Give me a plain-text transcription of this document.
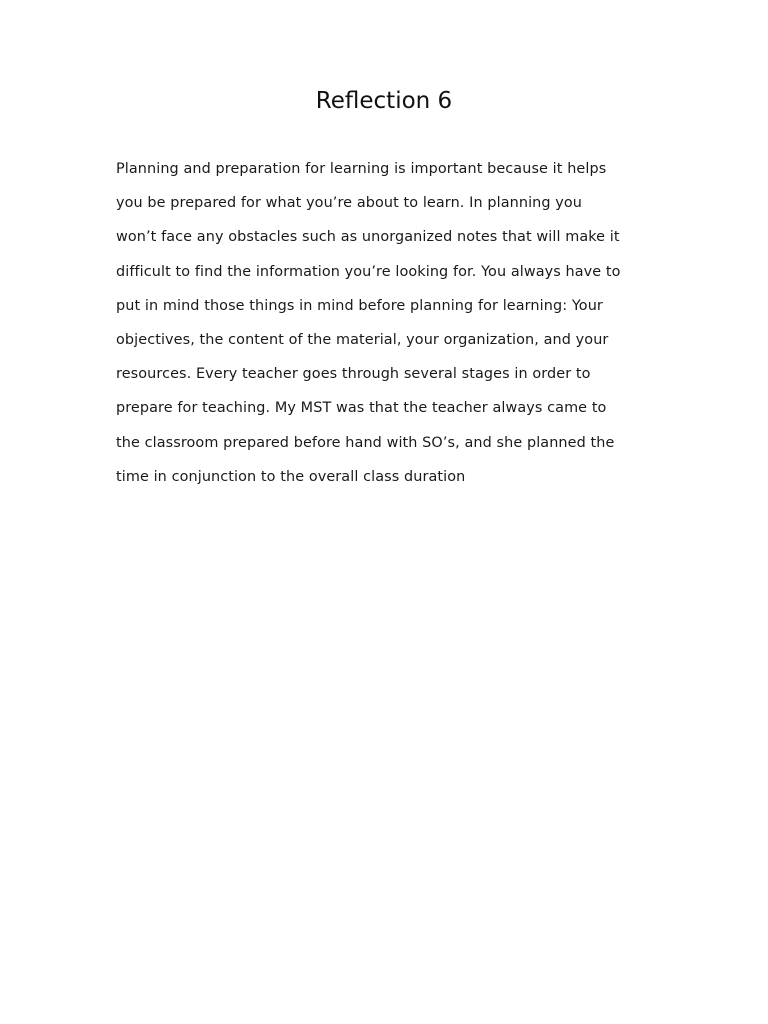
Reflection 6
Planning and preparation for learning is important because it helps
you be prepared for what you’re about to learn. In planning you
won’t face any obstacles such as unorganized notes that will make it
difficult to find the information you’re looking for. You always have to
put in mind those things in mind before planning for learning: Your
objectives, the content of the material, your organization, and your
resources. Every teacher goes through several stages in order to
prepare for teaching. My MST was that the teacher always came to
the classroom prepared before hand with SO’s, and she planned the
time in conjunction to the overall class duration
